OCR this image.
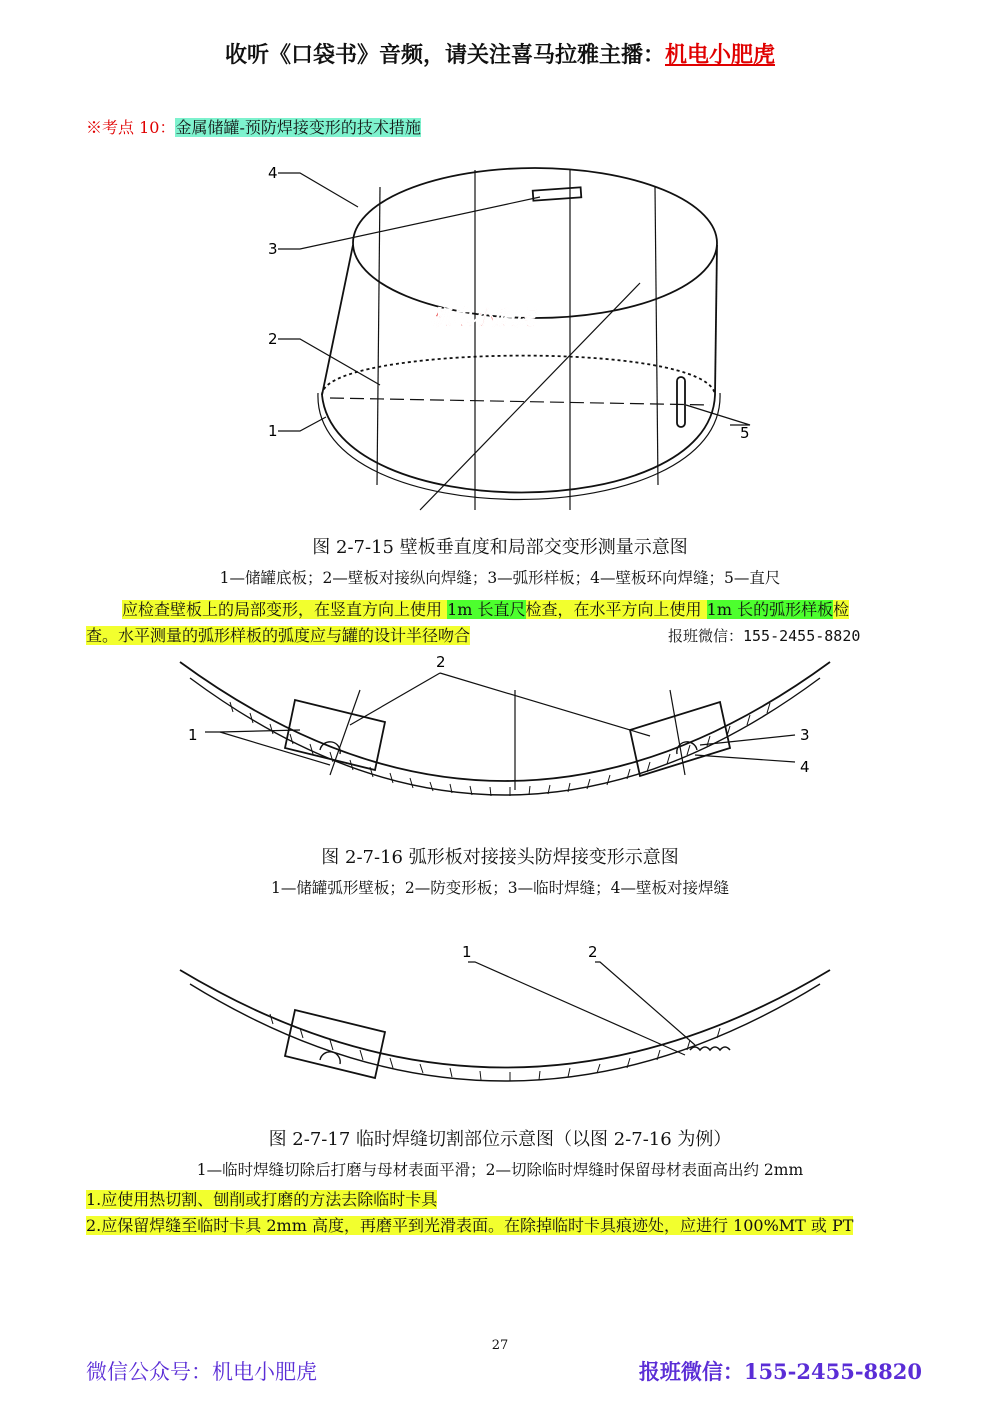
收听《口袋书》音频，请关注喜马拉雅主播：机电小肥虎
※考点 10：金属储罐-预防焊接变形的技术措施
4
3
2
1	5
机电小肥虎
图 2-7-15 壁板垂直度和局部交变形测量示意图
1—储罐底板；2—壁板对接纵向焊缝；3—弧形样板；4—壁板环向焊缝；5—直尺
应检查壁板上的局部变形，在竖直方向上使用 1m 长直尺检查，在水平方向上使用 1m 长的弧形样板检
查。水平测量的弧形样板的弧度应与罐的设计半径吻合	报班微信：155-2455-8820
1
2
3
4
图 2-7-16 弧形板对接接头防焊接变形示意图
1—储罐弧形壁板；2—防变形板；3—临时焊缝；4—壁板对接焊缝
1	2
图 2-7-17 临时焊缝切割部位示意图（以图 2-7-16 为例）
1—临时焊缝切除后打磨与母材表面平滑；2—切除临时焊缝时保留母材表面高出约 2mm
1.应使用热切割、刨削或打磨的方法去除临时卡具
2.应保留焊缝至临时卡具 2mm 高度，再磨平到光滑表面。在除掉临时卡具痕迹处，应进行 100%MT 或 PT
27
微信公众号：机电小肥虎	报班微信：155-2455-8820
